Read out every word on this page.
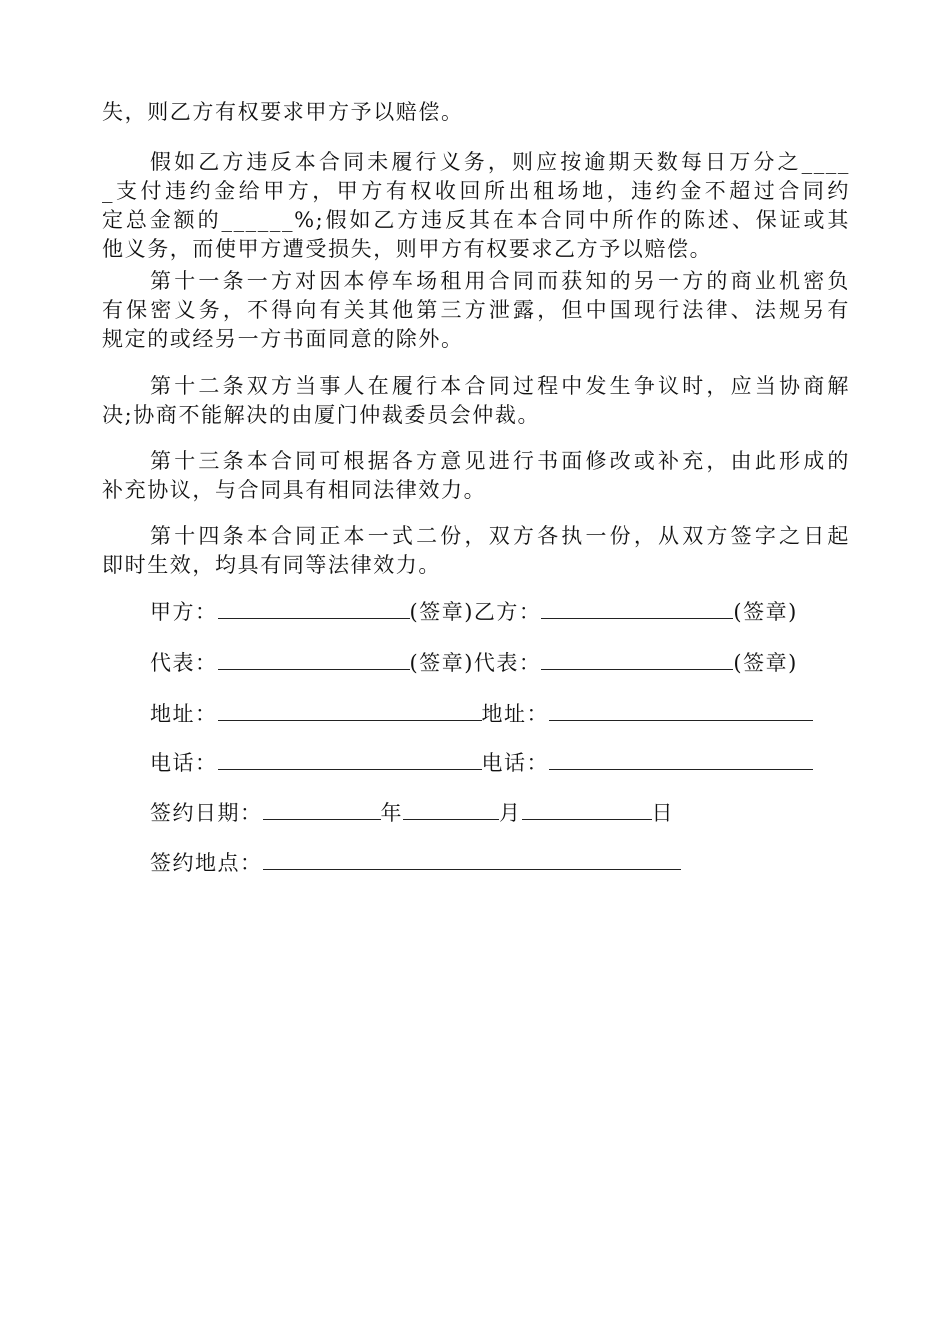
失，则乙方有权要求甲方予以赔偿。
假如乙方违反本合同未履行义务，则应按逾期天数每日万分之____
_支付违约金给甲方，甲方有权收回所出租场地，违约金不超过合同约
定总金额的______%;假如乙方违反其在本合同中所作的陈述、保证或其
他义务，而使甲方遭受损失，则甲方有权要求乙方予以赔偿。
第十一条一方对因本停车场租用合同而获知的另一方的商业机密负
有保密义务，不得向有关其他第三方泄露，但中国现行法律、法规另有
规定的或经另一方书面同意的除外。
第十二条双方当事人在履行本合同过程中发生争议时，应当协商解
决;协商不能解决的由厦门仲裁委员会仲裁。
第十三条本合同可根据各方意见进行书面修改或补充，由此形成的
补充协议，与合同具有相同法律效力。
第十四条本合同正本一式二份，双方各执一份，从双方签字之日起
即时生效，均具有同等法律效力。
甲方：	(签章)乙方：	(签章)
代表：	(签章)代表：	(签章)
地址：	地址：
电话：	电话：
签约日期：	年	月	日
签约地点：
